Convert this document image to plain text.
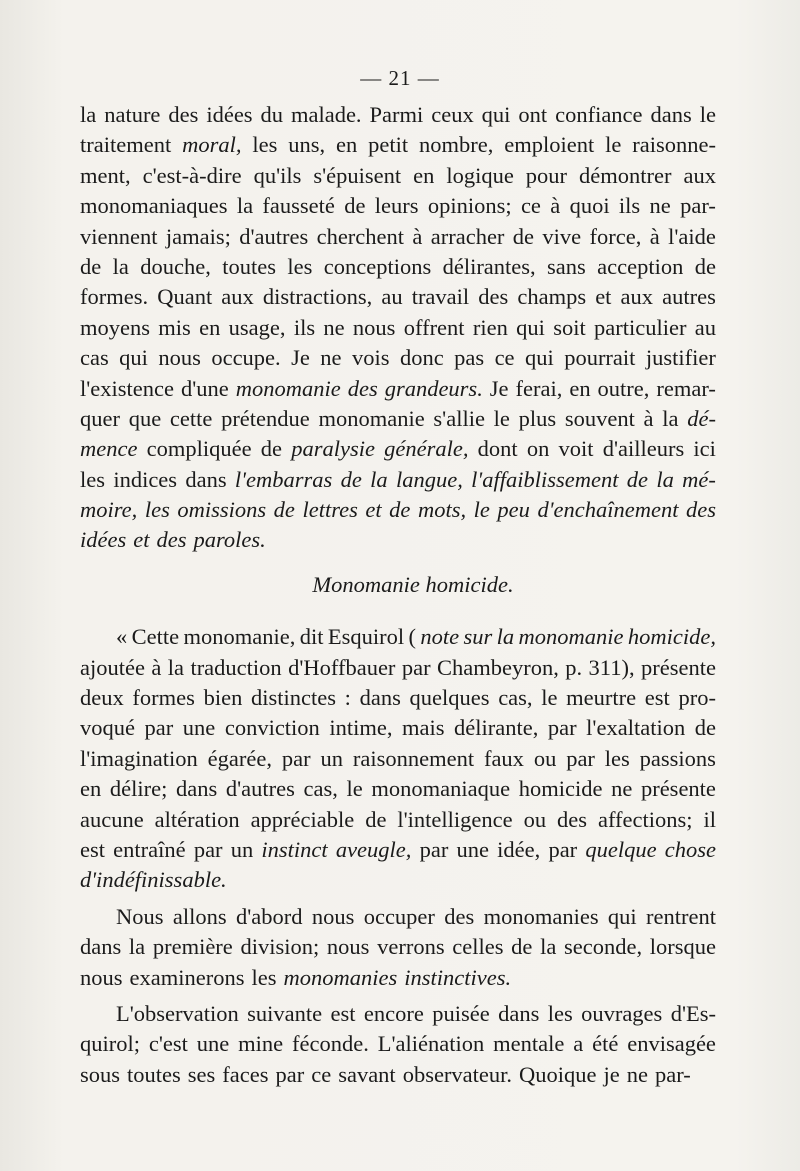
— 21 —
la nature des idées du malade. Parmi ceux qui ont confiance dans le
traitement moral, les uns, en petit nombre, emploient le raisonne-
ment, c'est-à-dire qu'ils s'épuisent en logique pour démontrer aux
monomaniaques la fausseté de leurs opinions; ce à quoi ils ne par-
viennent jamais; d'autres cherchent à arracher de vive force, à l'aide
de la douche, toutes les conceptions délirantes, sans acception de
formes. Quant aux distractions, au travail des champs et aux autres
moyens mis en usage, ils ne nous offrent rien qui soit particulier au
cas qui nous occupe. Je ne vois donc pas ce qui pourrait justifier
l'existence d'une monomanie des grandeurs. Je ferai, en outre, remar-
quer que cette prétendue monomanie s'allie le plus souvent à la dé-
mence compliquée de paralysie générale, dont on voit d'ailleurs ici
les indices dans l'embarras de la langue, l'affaiblissement de la mé-
moire, les omissions de lettres et de mots, le peu d'enchaînement des
idées et des paroles.
Monomanie homicide.
« Cette monomanie, dit Esquirol ( note sur la monomanie homicide,
ajoutée à la traduction d'Hoffbauer par Chambeyron, p. 311), présente
deux formes bien distinctes : dans quelques cas, le meurtre est pro-
voqué par une conviction intime, mais délirante, par l'exaltation de
l'imagination égarée, par un raisonnement faux ou par les passions
en délire; dans d'autres cas, le monomaniaque homicide ne présente
aucune altération appréciable de l'intelligence ou des affections; il
est entraîné par un instinct aveugle, par une idée, par quelque chose
d'indéfinissable.
Nous allons d'abord nous occuper des monomanies qui rentrent
dans la première division; nous verrons celles de la seconde, lorsque
nous examinerons les monomanies instinctives.
L'observation suivante est encore puisée dans les ouvrages d'Es-
quirol; c'est une mine féconde. L'aliénation mentale a été envisagée
sous toutes ses faces par ce savant observateur. Quoique je ne par-
